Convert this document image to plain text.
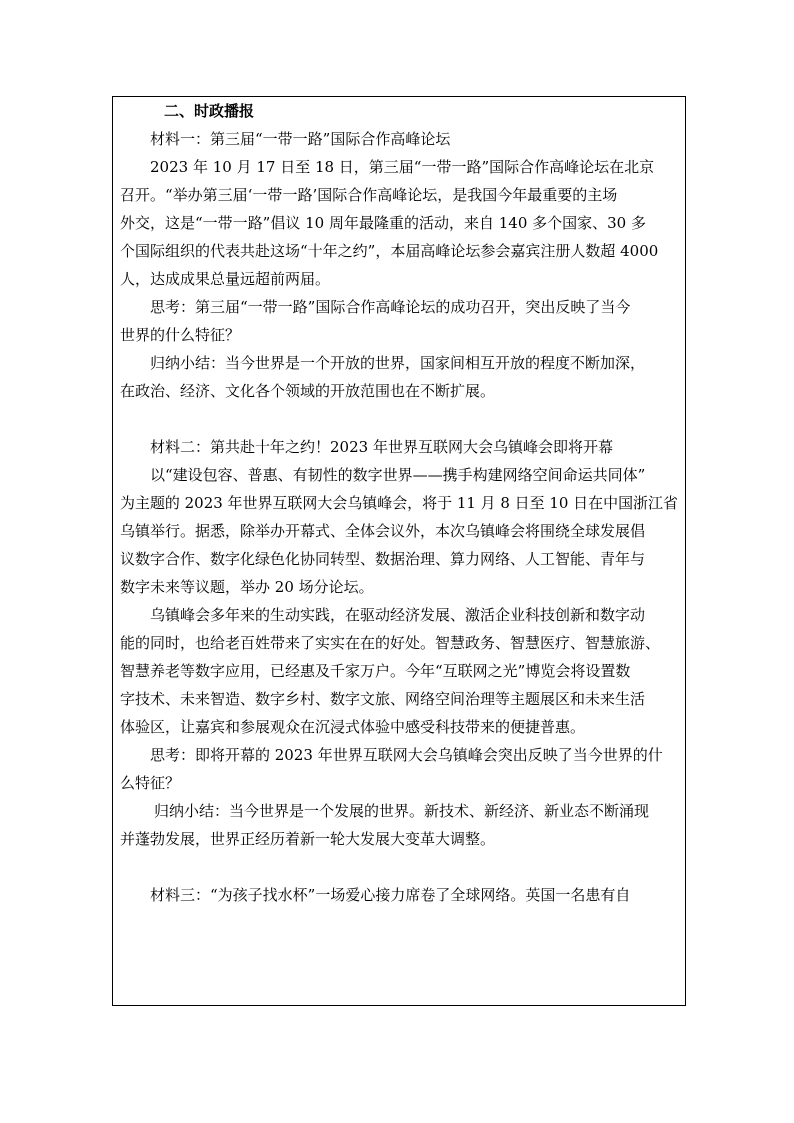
二、时政播报
材料一：第三届“一带一路”国际合作高峰论坛
2023 年 10 月 17 日至 18 日，第三届“一带一路”国际合作高峰论坛在北京
召开。“举办第三届‘一带一路’国际合作高峰论坛，是我国今年最重要的主场
外交，这是“一带一路”倡议 10 周年最隆重的活动，来自 140 多个国家、30 多
个国际组织的代表共赴这场“十年之约”，本届高峰论坛参会嘉宾注册人数超 4000
人，达成成果总量远超前两届。
思考：第三届“一带一路”国际合作高峰论坛的成功召开，突出反映了当今
世界的什么特征？
归纳小结：当今世界是一个开放的世界，国家间相互开放的程度不断加深，
在政治、经济、文化各个领域的开放范围也在不断扩展。
材料二：第共赴十年之约！2023 年世界互联网大会乌镇峰会即将开幕
以“建设包容、普惠、有韧性的数字世界——携手构建网络空间命运共同体”
为主题的 2023 年世界互联网大会乌镇峰会，将于 11 月 8 日至 10 日在中国浙江省
乌镇举行。据悉，除举办开幕式、全体会议外，本次乌镇峰会将围绕全球发展倡
议数字合作、数字化绿色化协同转型、数据治理、算力网络、人工智能、青年与
数字未来等议题，举办 20 场分论坛。
乌镇峰会多年来的生动实践，在驱动经济发展、激活企业科技创新和数字动
能的同时，也给老百姓带来了实实在在的好处。智慧政务、智慧医疗、智慧旅游、
智慧养老等数字应用，已经惠及千家万户。今年“互联网之光”博览会将设置数
字技术、未来智造、数字乡村、数字文旅、网络空间治理等主题展区和未来生活
体验区，让嘉宾和参展观众在沉浸式体验中感受科技带来的便捷普惠。
思考：即将开幕的 2023 年世界互联网大会乌镇峰会突出反映了当今世界的什
么特征？
归纳小结：当今世界是一个发展的世界。新技术、新经济、新业态不断涌现
并蓬勃发展，世界正经历着新一轮大发展大变革大调整。
材料三：“为孩子找水杯”一场爱心接力席卷了全球网络。英国一名患有自
